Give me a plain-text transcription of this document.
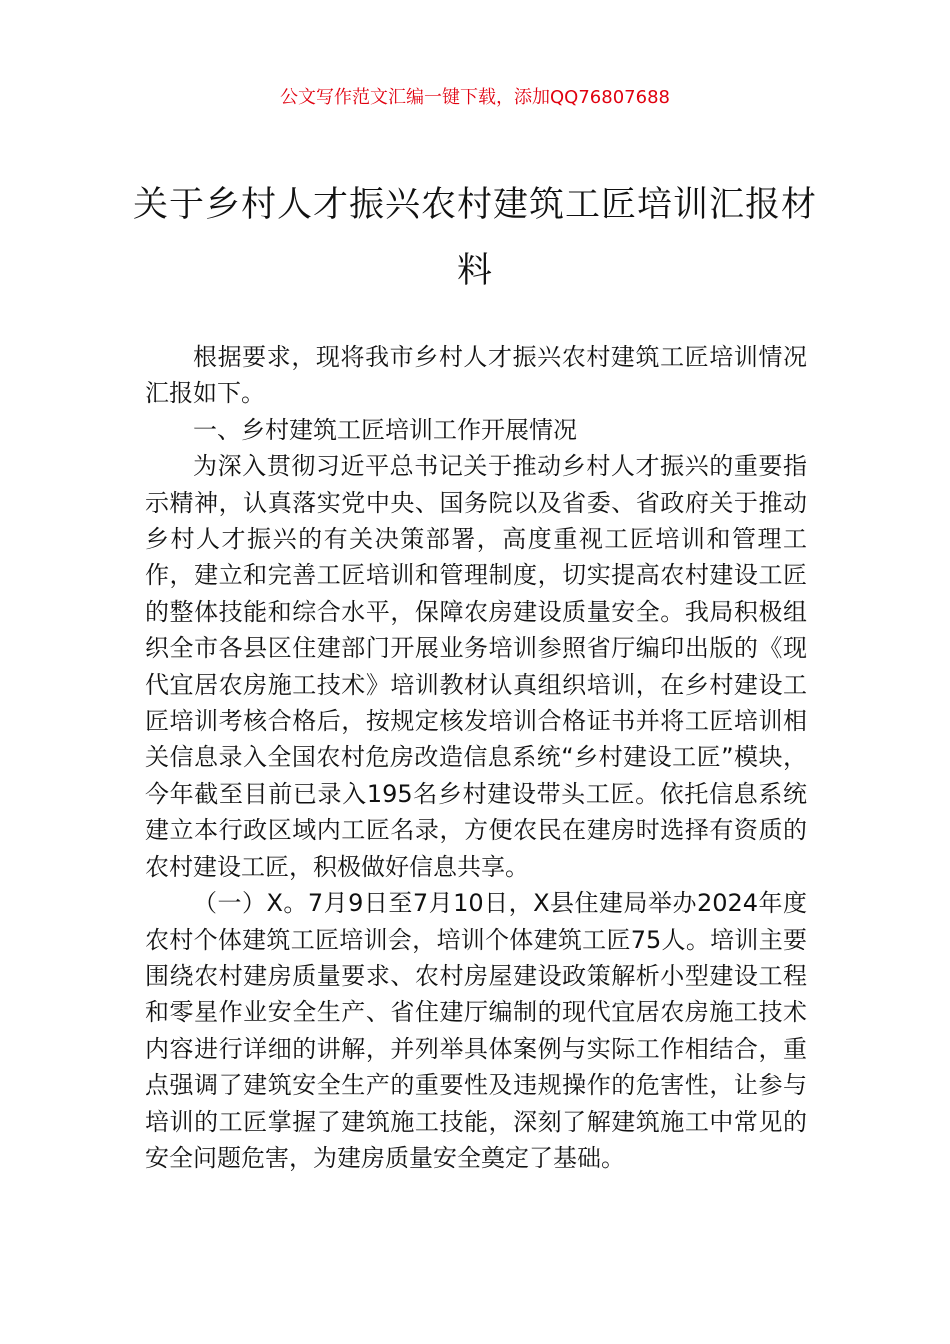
公文写作范文汇编一键下载，添加QQ76807688
关于乡村人才振兴农村建筑工匠培训汇报材料

根据要求，现将我市乡村人才振兴农村建筑工匠培训情况汇报如下。

一、乡村建筑工匠培训工作开展情况

为深入贯彻习近平总书记关于推动乡村人才振兴的重要指示精神，认真落实党中央、国务院以及省委、省政府关于推动乡村人才振兴的有关决策部署，高度重视工匠培训和管理工作，建立和完善工匠培训和管理制度，切实提高农村建设工匠的整体技能和综合水平，保障农房建设质量安全。我局积极组织全市各县区住建部门开展业务培训参照省厅编印出版的《现代宜居农房施工技术》培训教材认真组织培训，在乡村建设工匠培训考核合格后，按规定核发培训合格证书并将工匠培训相关信息录入全国农村危房改造信息系统“乡村建设工匠”模块，今年截至目前已录入195名乡村建设带头工匠。依托信息系统建立本行政区域内工匠名录，方便农民在建房时选择有资质的农村建设工匠，积极做好信息共享。

（一）X。7月9日至7月10日，X县住建局举办2024年度农村个体建筑工匠培训会，培训个体建筑工匠75人。培训主要围绕农村建房质量要求、农村房屋建设政策解析小型建设工程和零星作业安全生产、省住建厅编制的现代宜居农房施工技术内容进行详细的讲解，并列举具体案例与实际工作相结合，重点强调了建筑安全生产的重要性及违规操作的危害性，让参与培训的工匠掌握了建筑施工技能，深刻了解建筑施工中常见的安全问题危害，为建房质量安全奠定了基础。
